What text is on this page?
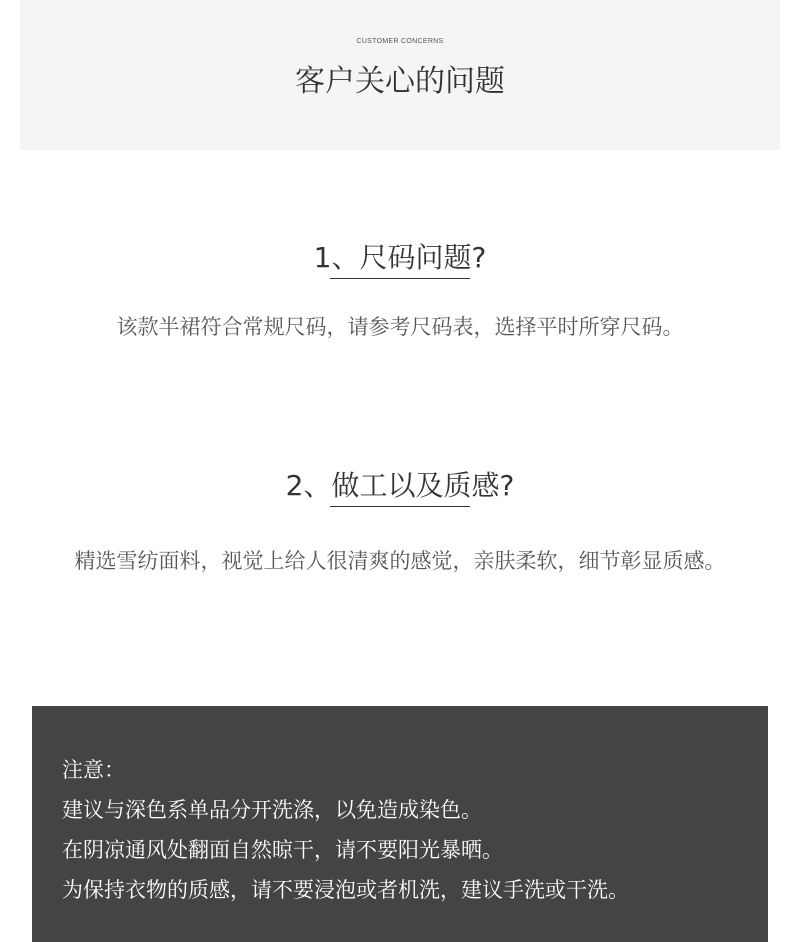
CUSTOMER CONCERNS
客户关心的问题
1、尺码问题?
该款半裙符合常规尺码，请参考尺码表，选择平时所穿尺码。
2、做工以及质感?
精选雪纺面料，视觉上给人很清爽的感觉，亲肤柔软，细节彰显质感。
注意：
建议与深色系单品分开洗涤，以免造成染色。
在阴凉通风处翻面自然晾干，请不要阳光暴晒。
为保持衣物的质感，请不要浸泡或者机洗，建议手洗或干洗。
